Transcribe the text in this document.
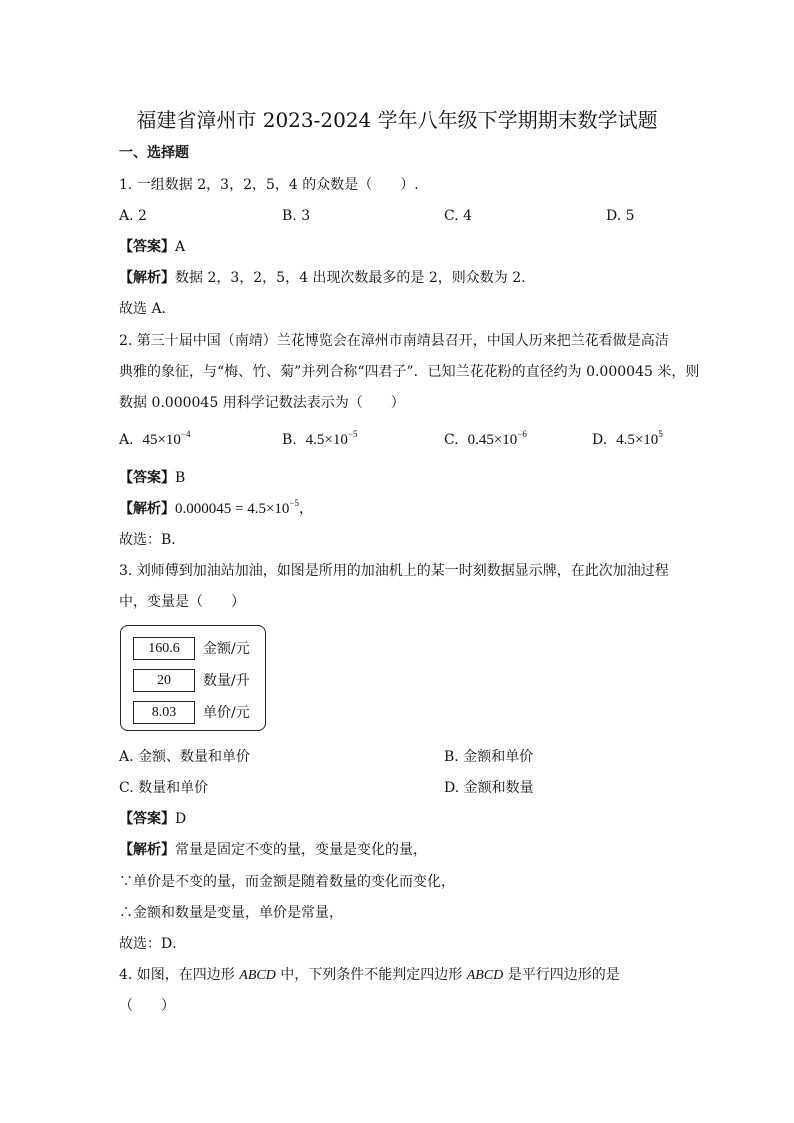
福建省漳州市 2023-2024 学年八年级下学期期末数学试题
一、选择题
1. 一组数据 2，3，2，5，4 的众数是（　　）.
A. 2	B. 3	C. 4	D. 5
【答案】A
【解析】数据 2，3，2，5，4 出现次数最多的是 2，则众数为 2．
故选 A．
2. 第三十届中国（南靖）兰花博览会在漳州市南靖县召开，中国人历来把兰花看做是高洁
典雅的象征，与“梅、竹、菊”并列合称“四君子”．已知兰花花粉的直径约为 0.000045 米，则
数据 0.000045 用科学记数法表示为（　　）
A. $45\times 10^{-4}$	B. $4.5\times 10^{-5}$	C. $0.45\times 10^{-6}$	D. $4.5\times 10^5$
【答案】B
【解析】$0.000045 = 4.5\times 10^{-5}$，
故选：B．
3. 刘师傅到加油站加油，如图是所用的加油机上的某一时刻数据显示牌，在此次加油过程
中，变量是（　　）
160.6	金额/元
20	数量/升
8.03	单价/元
A. 金额、数量和单价	B. 金额和单价
C. 数量和单价	D. 金额和数量
【答案】D
【解析】常量是固定不变的量，变量是变化的量，
∵单价是不变的量，而金额是随着数量的变化而变化，
∴金额和数量是变量，单价是常量，
故选：D．
4. 如图，在四边形 ABCD 中，下列条件不能判定四边形 ABCD 是平行四边形的是
（　　）
